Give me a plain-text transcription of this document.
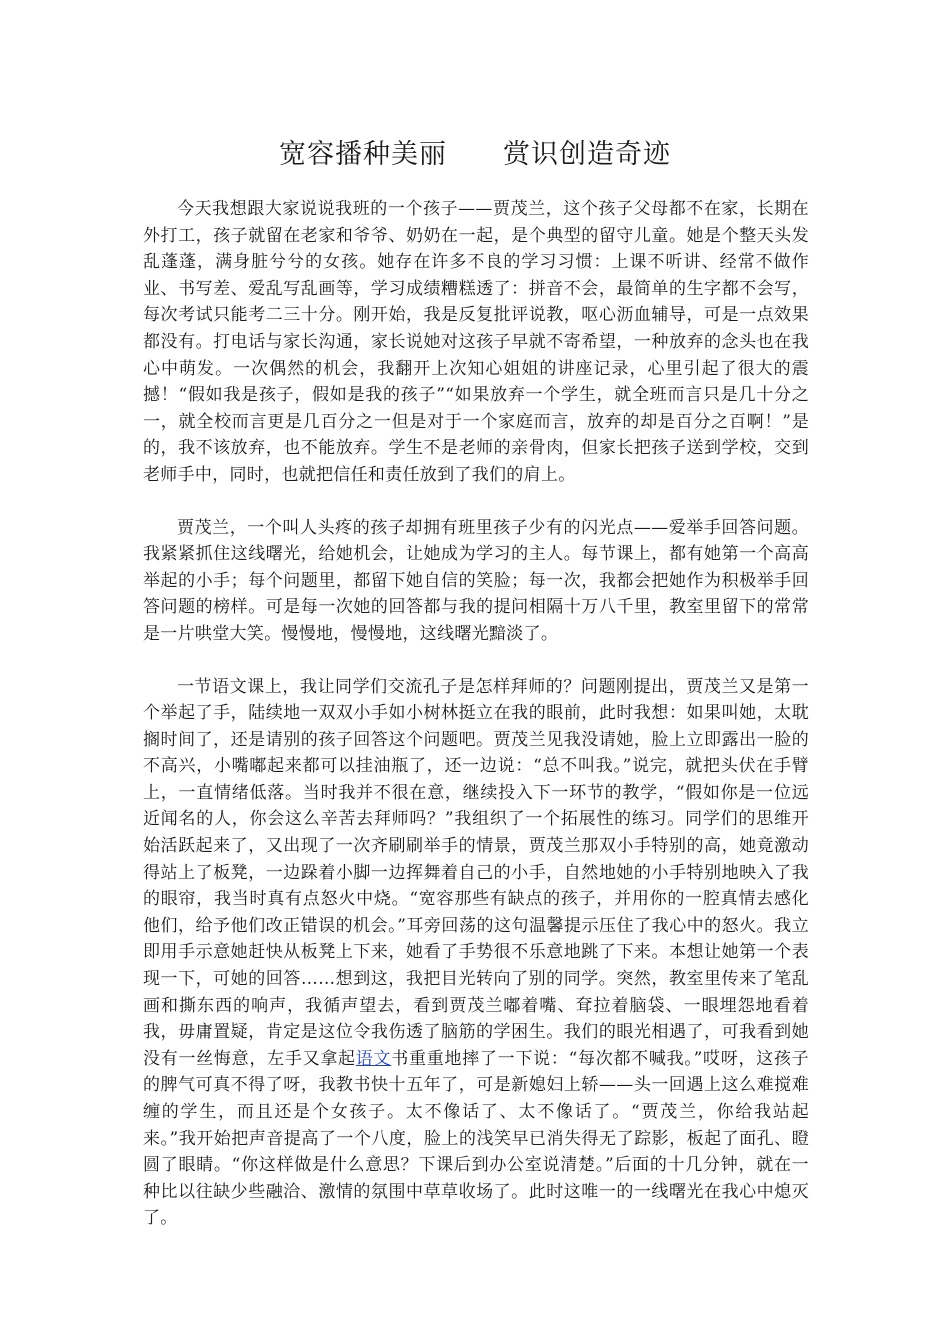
宽容播种美丽　　赏识创造奇迹

今天我想跟大家说说我班的一个孩子——贾茂兰，这个孩子父母都不在家，长期在外打工，孩子就留在老家和爷爷、奶奶在一起，是个典型的留守儿童。她是个整天头发乱蓬蓬，满身脏兮兮的女孩。她存在许多不良的学习习惯：上课不听讲、经常不做作业、书写差、爱乱写乱画等，学习成绩糟糕透了：拼音不会，最简单的生字都不会写，每次考试只能考二三十分。刚开始，我是反复批评说教，呕心沥血辅导，可是一点效果都没有。打电话与家长沟通，家长说她对这孩子早就不寄希望，一种放弃的念头也在我心中萌发。一次偶然的机会，我翻开上次知心姐姐的讲座记录，心里引起了很大的震撼！“假如我是孩子，假如是我的孩子”“如果放弃一个学生，就全班而言只是几十分之一，就全校而言更是几百分之一但是对于一个家庭而言，放弃的却是百分之百啊！”是的，我不该放弃，也不能放弃。学生不是老师的亲骨肉，但家长把孩子送到学校，交到老师手中，同时，也就把信任和责任放到了我们的肩上。

贾茂兰，一个叫人头疼的孩子却拥有班里孩子少有的闪光点——爱举手回答问题。我紧紧抓住这线曙光，给她机会，让她成为学习的主人。每节课上，都有她第一个高高举起的小手；每个问题里，都留下她自信的笑脸；每一次，我都会把她作为积极举手回答问题的榜样。可是每一次她的回答都与我的提问相隔十万八千里，教室里留下的常常是一片哄堂大笑。慢慢地，慢慢地，这线曙光黯淡了。

一节语文课上，我让同学们交流孔子是怎样拜师的？问题刚提出，贾茂兰又是第一个举起了手，陆续地一双双小手如小树林挺立在我的眼前，此时我想：如果叫她，太耽搁时间了，还是请别的孩子回答这个问题吧。贾茂兰见我没请她，脸上立即露出一脸的不高兴，小嘴嘟起来都可以挂油瓶了，还一边说：“总不叫我。”说完，就把头伏在手臂上，一直情绪低落。当时我并不很在意，继续投入下一环节的教学，“假如你是一位远近闻名的人，你会这么辛苦去拜师吗？”我组织了一个拓展性的练习。同学们的思维开始活跃起来了，又出现了一次齐刷刷举手的情景，贾茂兰那双小手特别的高，她竟激动得站上了板凳，一边跺着小脚一边挥舞着自己的小手，自然地她的小手特别地映入了我的眼帘，我当时真有点怒火中烧。“宽容那些有缺点的孩子，并用你的一腔真情去感化他们，给予他们改正错误的机会。”耳旁回荡的这句温馨提示压住了我心中的怒火。我立即用手示意她赶快从板凳上下来，她看了手势很不乐意地跳了下来。本想让她第一个表现一下，可她的回答……想到这，我把目光转向了别的同学。突然，教室里传来了笔乱画和撕东西的响声，我循声望去，看到贾茂兰嘟着嘴、耷拉着脑袋、一眼埋怨地看着我，毋庸置疑，肯定是这位令我伤透了脑筋的学困生。我们的眼光相遇了，可我看到她没有一丝悔意，左手又拿起语文书重重地摔了一下说：“每次都不喊我。”哎呀，这孩子的脾气可真不得了呀，我教书快十五年了，可是新媳妇上轿——头一回遇上这么难搅难缠的学生，而且还是个女孩子。太不像话了、太不像话了。“贾茂兰，你给我站起来。”我开始把声音提高了一个八度，脸上的浅笑早已消失得无了踪影，板起了面孔、瞪圆了眼睛。“你这样做是什么意思？下课后到办公室说清楚。”后面的十几分钟，就在一种比以往缺少些融洽、激情的氛围中草草收场了。此时这唯一的一线曙光在我心中熄灭了。
